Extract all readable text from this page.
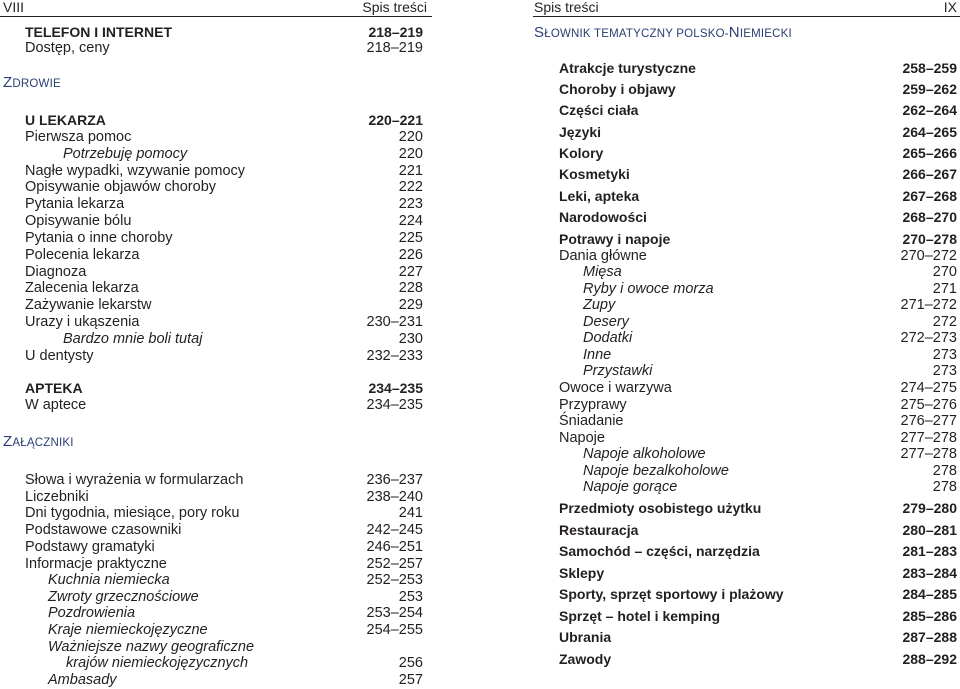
VIII	Spis treści
ZDROWIE
ZAŁĄCZNIKI
TELEFON I INTERNET	218–219
Dostęp, ceny	218–219
U LEKARZA	220–221
Pierwsza pomoc	220
Potrzebuję pomocy	220
Nagłe wypadki, wzywanie pomocy	221
Opisywanie objawów choroby	222
Pytania lekarza	223
Opisywanie bólu	224
Pytania o inne choroby	225
Polecenia lekarza	226
Diagnoza	227
Zalecenia lekarza	228
Zażywanie lekarstw	229
Urazy i ukąszenia	230–231
Bardzo mnie boli tutaj	230
U dentysty	232–233
APTEKA	234–235
W aptece	234–235
Słowa i wyrażenia w formularzach	236–237
Liczebniki	238–240
Dni tygodnia, miesiące, pory roku	241
Podstawowe czasowniki	242–245
Podstawy gramatyki	246–251
Informacje praktyczne	252–257
Kuchnia niemiecka	252–253
Zwroty grzecznościowe	253
Pozdrowienia	253–254
Kraje niemieckojęzyczne	254–255
Ważniejsze nazwy geograficzne
krajów niemieckojęzycznych	256
Ambasady	257
Spis treści	IX
SŁOWNIK TEMATYCZNY POLSKO-NIEMIECKI
Atrakcje turystyczne	258–259
Choroby i objawy	259–262
Części ciała	262–264
Języki	264–265
Kolory	265–266
Kosmetyki	266–267
Leki, apteka	267–268
Narodowości	268–270
Potrawy i napoje	270–278
Dania główne	270–272
Mięsa	270
Ryby i owoce morza	271
Zupy	271–272
Desery	272
Dodatki	272–273
Inne	273
Przystawki	273
Owoce i warzywa	274–275
Przyprawy	275–276
Śniadanie	276–277
Napoje	277–278
Napoje alkoholowe	277–278
Napoje bezalkoholowe	278
Napoje gorące	278
Przedmioty osobistego użytku	279–280
Restauracja	280–281
Samochód – części, narzędzia	281–283
Sklepy	283–284
Sporty, sprzęt sportowy i plażowy	284–285
Sprzęt – hotel i kemping	285–286
Ubrania	287–288
Zawody	288–292
